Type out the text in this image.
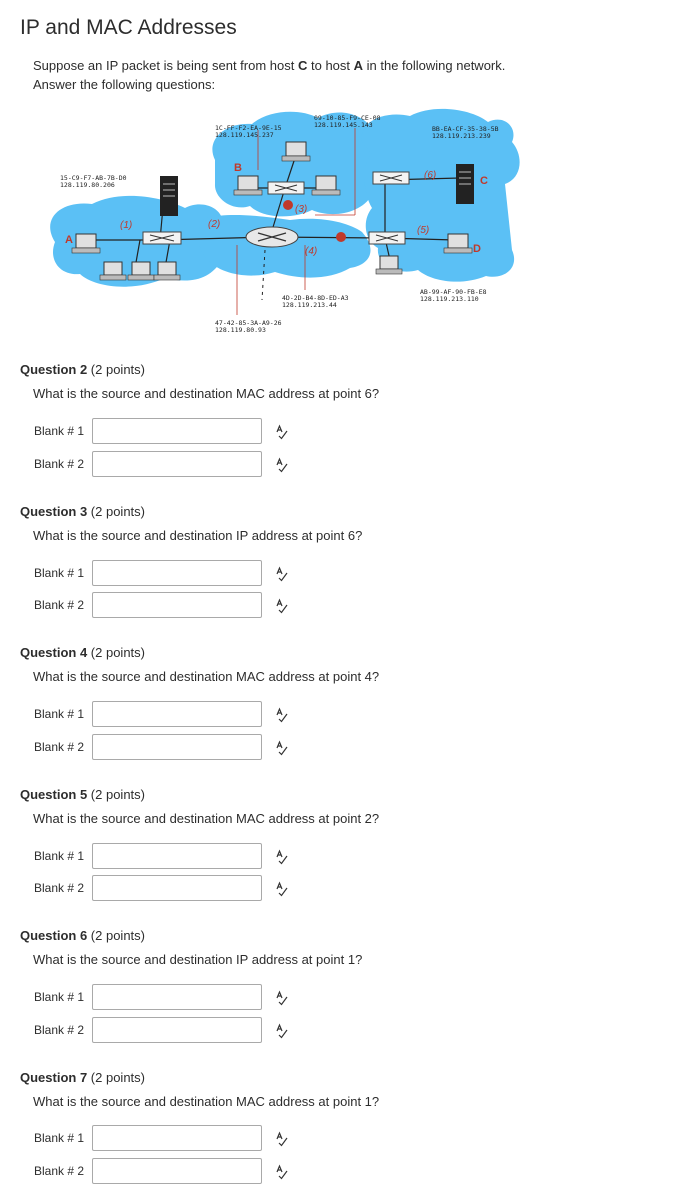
IP and MAC Addresses
Suppose an IP packet is being sent from host C to host A in the following network.
Answer the following questions:
A
B
C
D
(1)	(2)
(3)
(4)
(5)
(6)
1C-FF-F2-EA-9E-15
128.119.145.237
09-10-85-F9-CE-08
128.119.145.143
15-C9-F7-AB-7B-D0
128.119.80.206
BB-EA-CF-35-38-5B
128.119.213.239
4D-2D-B4-8D-ED-A3
128.119.213.44
47-42-85-3A-A9-26
128.119.80.93
AB-99-AF-90-FB-E8
128.119.213.110
Question 2 (2 points)
What is the source and destination MAC address at point 6?
Blank # 1
Blank # 2
Question 3 (2 points)
What is the source and destination IP address at point 6?
Blank # 1
Blank # 2
Question 4 (2 points)
What is the source and destination MAC address at point 4?
Blank # 1
Blank # 2
Question 5 (2 points)
What is the source and destination MAC address at point 2?
Blank # 1
Blank # 2
Question 6 (2 points)
What is the source and destination IP address at point 1?
Blank # 1
Blank # 2
Question 7 (2 points)
What is the source and destination MAC address at point 1?
Blank # 1
Blank # 2
